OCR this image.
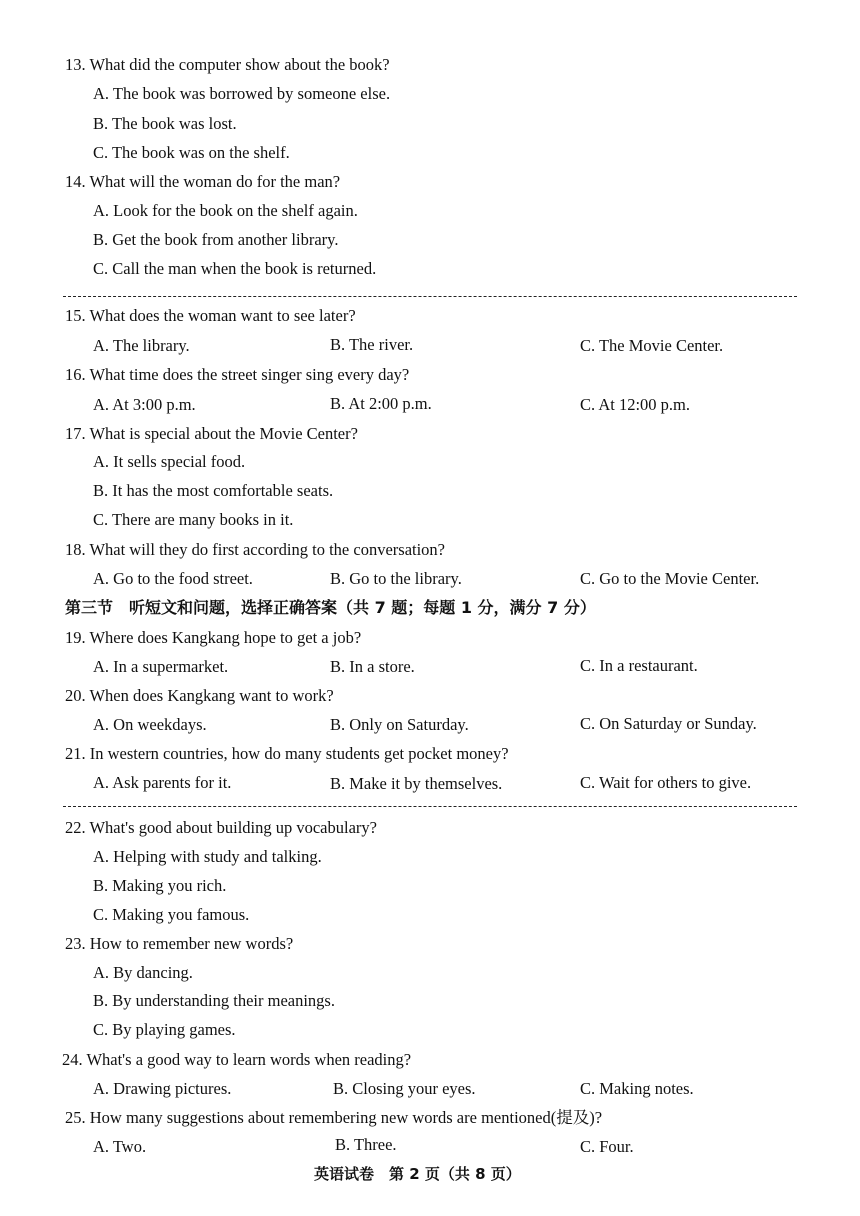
13. What did the computer show about the book?
A. The book was borrowed by someone else.
B. The book was lost.
C. The book was on the shelf.
14. What will the woman do for the man?
A. Look for the book on the shelf again.
B. Get the book from another library.
C. Call the man when the book is returned.
15. What does the woman want to see later?
A. The library.	B. The river.	C. The Movie Center.
16. What time does the street singer sing every day?
A. At 3:00 p.m.	B. At 2:00 p.m.	C. At 12:00 p.m.
17. What is special about the Movie Center?
A. It sells special food.
B. It has the most comfortable seats.
C. There are many books in it.
18. What will they do first according to the conversation?
A. Go to the food street.	B. Go to the library.	C. Go to the Movie Center.
第三节　听短文和问题，选择正确答案（共 7 题；每题 1 分，满分 7 分）
19. Where does Kangkang hope to get a job?
A. In a supermarket.	B. In a store.	C. In a restaurant.
20. When does Kangkang want to work?
A. On weekdays.	B. Only on Saturday.	C. On Saturday or Sunday.
21. In western countries, how do many students get pocket money?
A. Ask parents for it.	B. Make it by themselves.	C. Wait for others to give.
22. What's good about building up vocabulary?
A. Helping with study and talking.
B. Making you rich.
C. Making you famous.
23. How to remember new words?
A. By dancing.
B. By understanding their meanings.
C. By playing games.
24. What's a good way to learn words when reading?
A. Drawing pictures.	B. Closing your eyes.	C. Making notes.
25. How many suggestions about remembering new words are mentioned(提及)?
A. Two.	B. Three.	C. Four.
英语试卷　第 2 页（共 8 页）
